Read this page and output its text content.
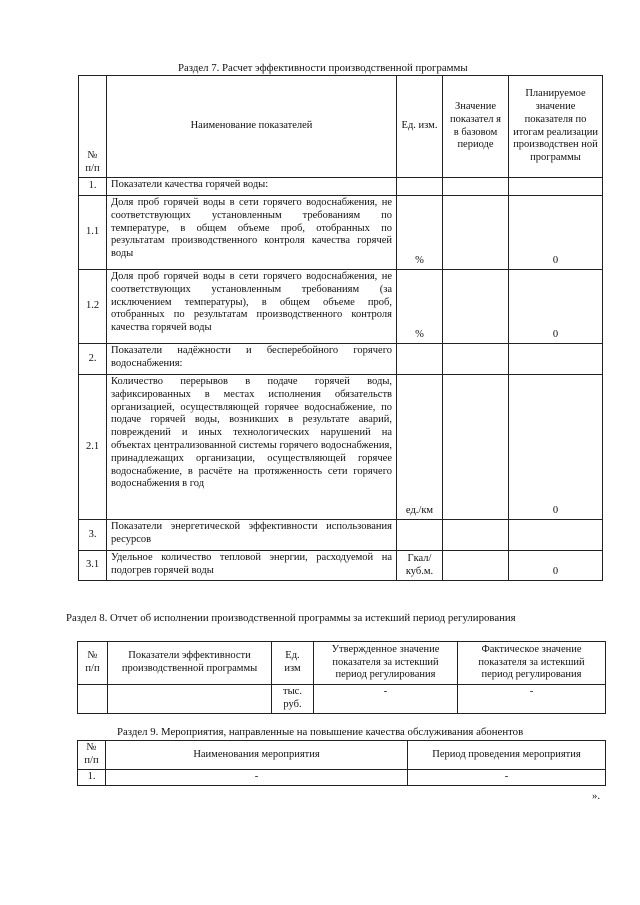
Раздел 7. Расчет эффективности производственной программы
№ п/п	Наименование показателей	Ед. изм.	Значение показател я в базовом периоде	Планируемое значение показателя по итогам реализации производствен ной программы
1.	Показатели качества горячей воды:			
1.1	Доля проб горячей воды в сети горячего водоснабжения, не соответствующих установленным требованиям по температуре, в общем объеме проб, отобранных по результатам производственного контроля качества горячей воды	%		0
1.2	Доля проб горячей воды в сети горячего водоснабжения, не соответствующих установленным требованиям (за исключением температуры), в общем объеме проб, отобранных по результатам производственного контроля качества горячей воды	%		0
2.	Показатели надёжности и бесперебойного горячего водоснабжения:			
2.1	Количество перерывов в подаче горячей воды, зафиксированных в местах исполнения обязательств организацией, осуществляющей горячее водоснабжение, по подаче горячей воды, возникших в результате аварий, повреждений и иных технологических нарушений на объектах централизованной системы горячего водоснабжения, принадлежащих организации, осуществляющей горячее водоснабжение, в расчёте на протяженность сети горячего водоснабжения в год	ед./км		0
3.	Показатели энергетической эффективности использования ресурсов			
3.1	Удельное количество тепловой энергии, расходуемой на подогрев горячей воды	Гкал/ куб.м.		0
Раздел 8. Отчет об исполнении производственной программы за истекший период регулирования
№ п/п	Показатели эффективности производственной программы	Ед. изм	Утвержденное значение показателя за истекший период регулирования	Фактическое значение показателя за истекший период регулирования
		тыс. руб.	-	-
Раздел 9. Мероприятия, направленные на повышение качества обслуживания абонентов
№ п/п	Наименования мероприятия	Период проведения мероприятия
1.	-	-
».
